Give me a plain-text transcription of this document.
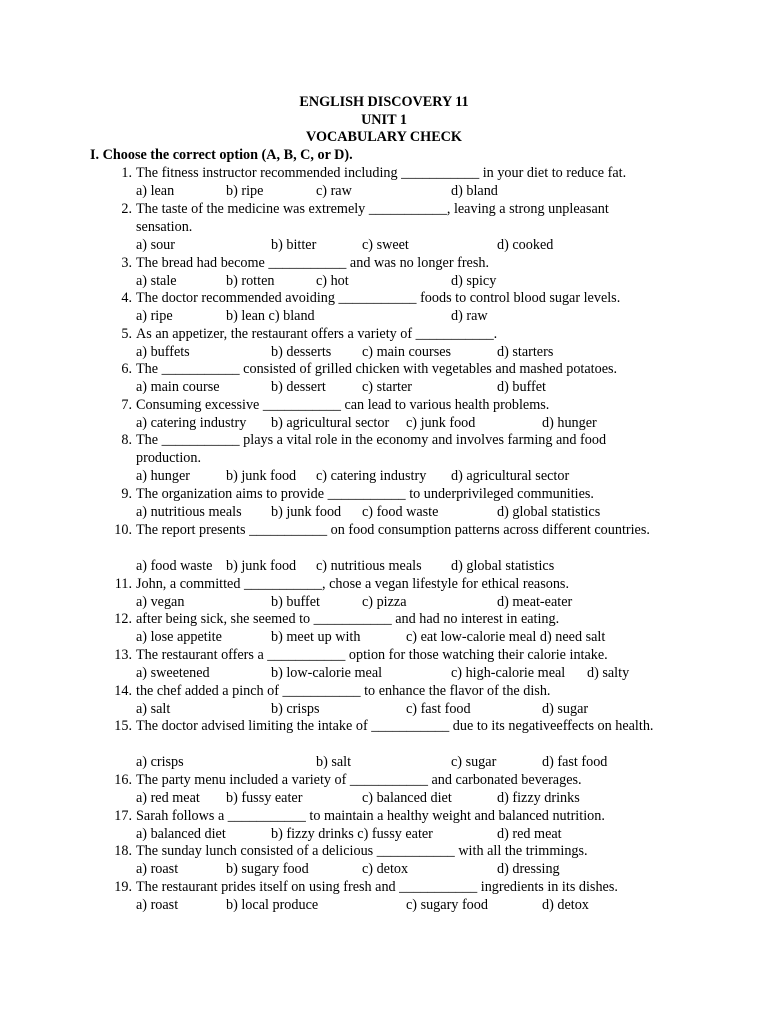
ENGLISH DISCOVERY 11
UNIT 1
VOCABULARY CHECK
I. Choose the correct option (A, B, C, or D).
1. The fitness instructor recommended including ___________ in your diet to reduce fat.
a) lean	b) ripe	c) raw	d) bland
2. The taste of the medicine was extremely ___________, leaving a strong unpleasant sensation.
a) sour	b) bitter	c) sweet	d) cooked
3. The bread had become ___________ and was no longer fresh.
a) stale	b) rotten	c) hot	d) spicy
4. The doctor recommended avoiding ___________ foods to control blood sugar levels.
a) ripe	b) lean c) bland	d) raw
5. As an appetizer, the restaurant offers a variety of ___________.
a) buffets	b) desserts c) main courses	d) starters
6. The ___________ consisted of grilled chicken with vegetables and mashed potatoes.
a) main course	b) dessert	c) starter	d) buffet
7. Consuming excessive ___________ can lead to various health problems.
a) catering industry b) agricultural sector c) junk food	d) hunger
8. The ___________ plays a vital role in the economy and involves farming and food production.
a) hunger	b) junk food c) catering industry d) agricultural sector
9. The organization aims to provide ___________ to underprivileged communities.
a) nutritious meals b) junk food c) food waste	d) global statistics
10. The report presents ___________ on food consumption patterns across different countries.
a) food waste b) junk food c) nutritious meals d) global statistics
11. John, a committed ___________, chose a vegan lifestyle for ethical reasons.
a) vegan	b) buffet	c) pizza	d) meat-eater
12. after being sick, she seemed to ___________ and had no interest in eating.
a) lose appetite	b) meet up with	c) eat low-calorie meal d) need salt
13. The restaurant offers a ___________ option for those watching their calorie intake.
a) sweetened	b) low-calorie meal	c) high-calorie meal d) salty
14. the chef added a pinch of ___________ to enhance the flavor of the dish.
a) salt	b) crisps	c) fast food	d) sugar
15. The doctor advised limiting the intake of ___________ due to its negativeeffects on health.
a) crisps	b) salt	c) sugar	d) fast food
16. The party menu included a variety of ___________ and carbonated beverages.
a) red meat b) fussy eater	c) balanced diet	d) fizzy drinks
17. Sarah follows a ___________ to maintain a healthy weight and balanced nutrition.
a) balanced diet	b) fizzy drinks c) fussy eater	d) red meat
18. The sunday lunch consisted of a delicious ___________ with all the trimmings.
a) roast	b) sugary food	c) detox	d) dressing
19. The restaurant prides itself on using fresh and ___________ ingredients in its dishes.
a) roast	b) local produce	c) sugary food	d) detox
